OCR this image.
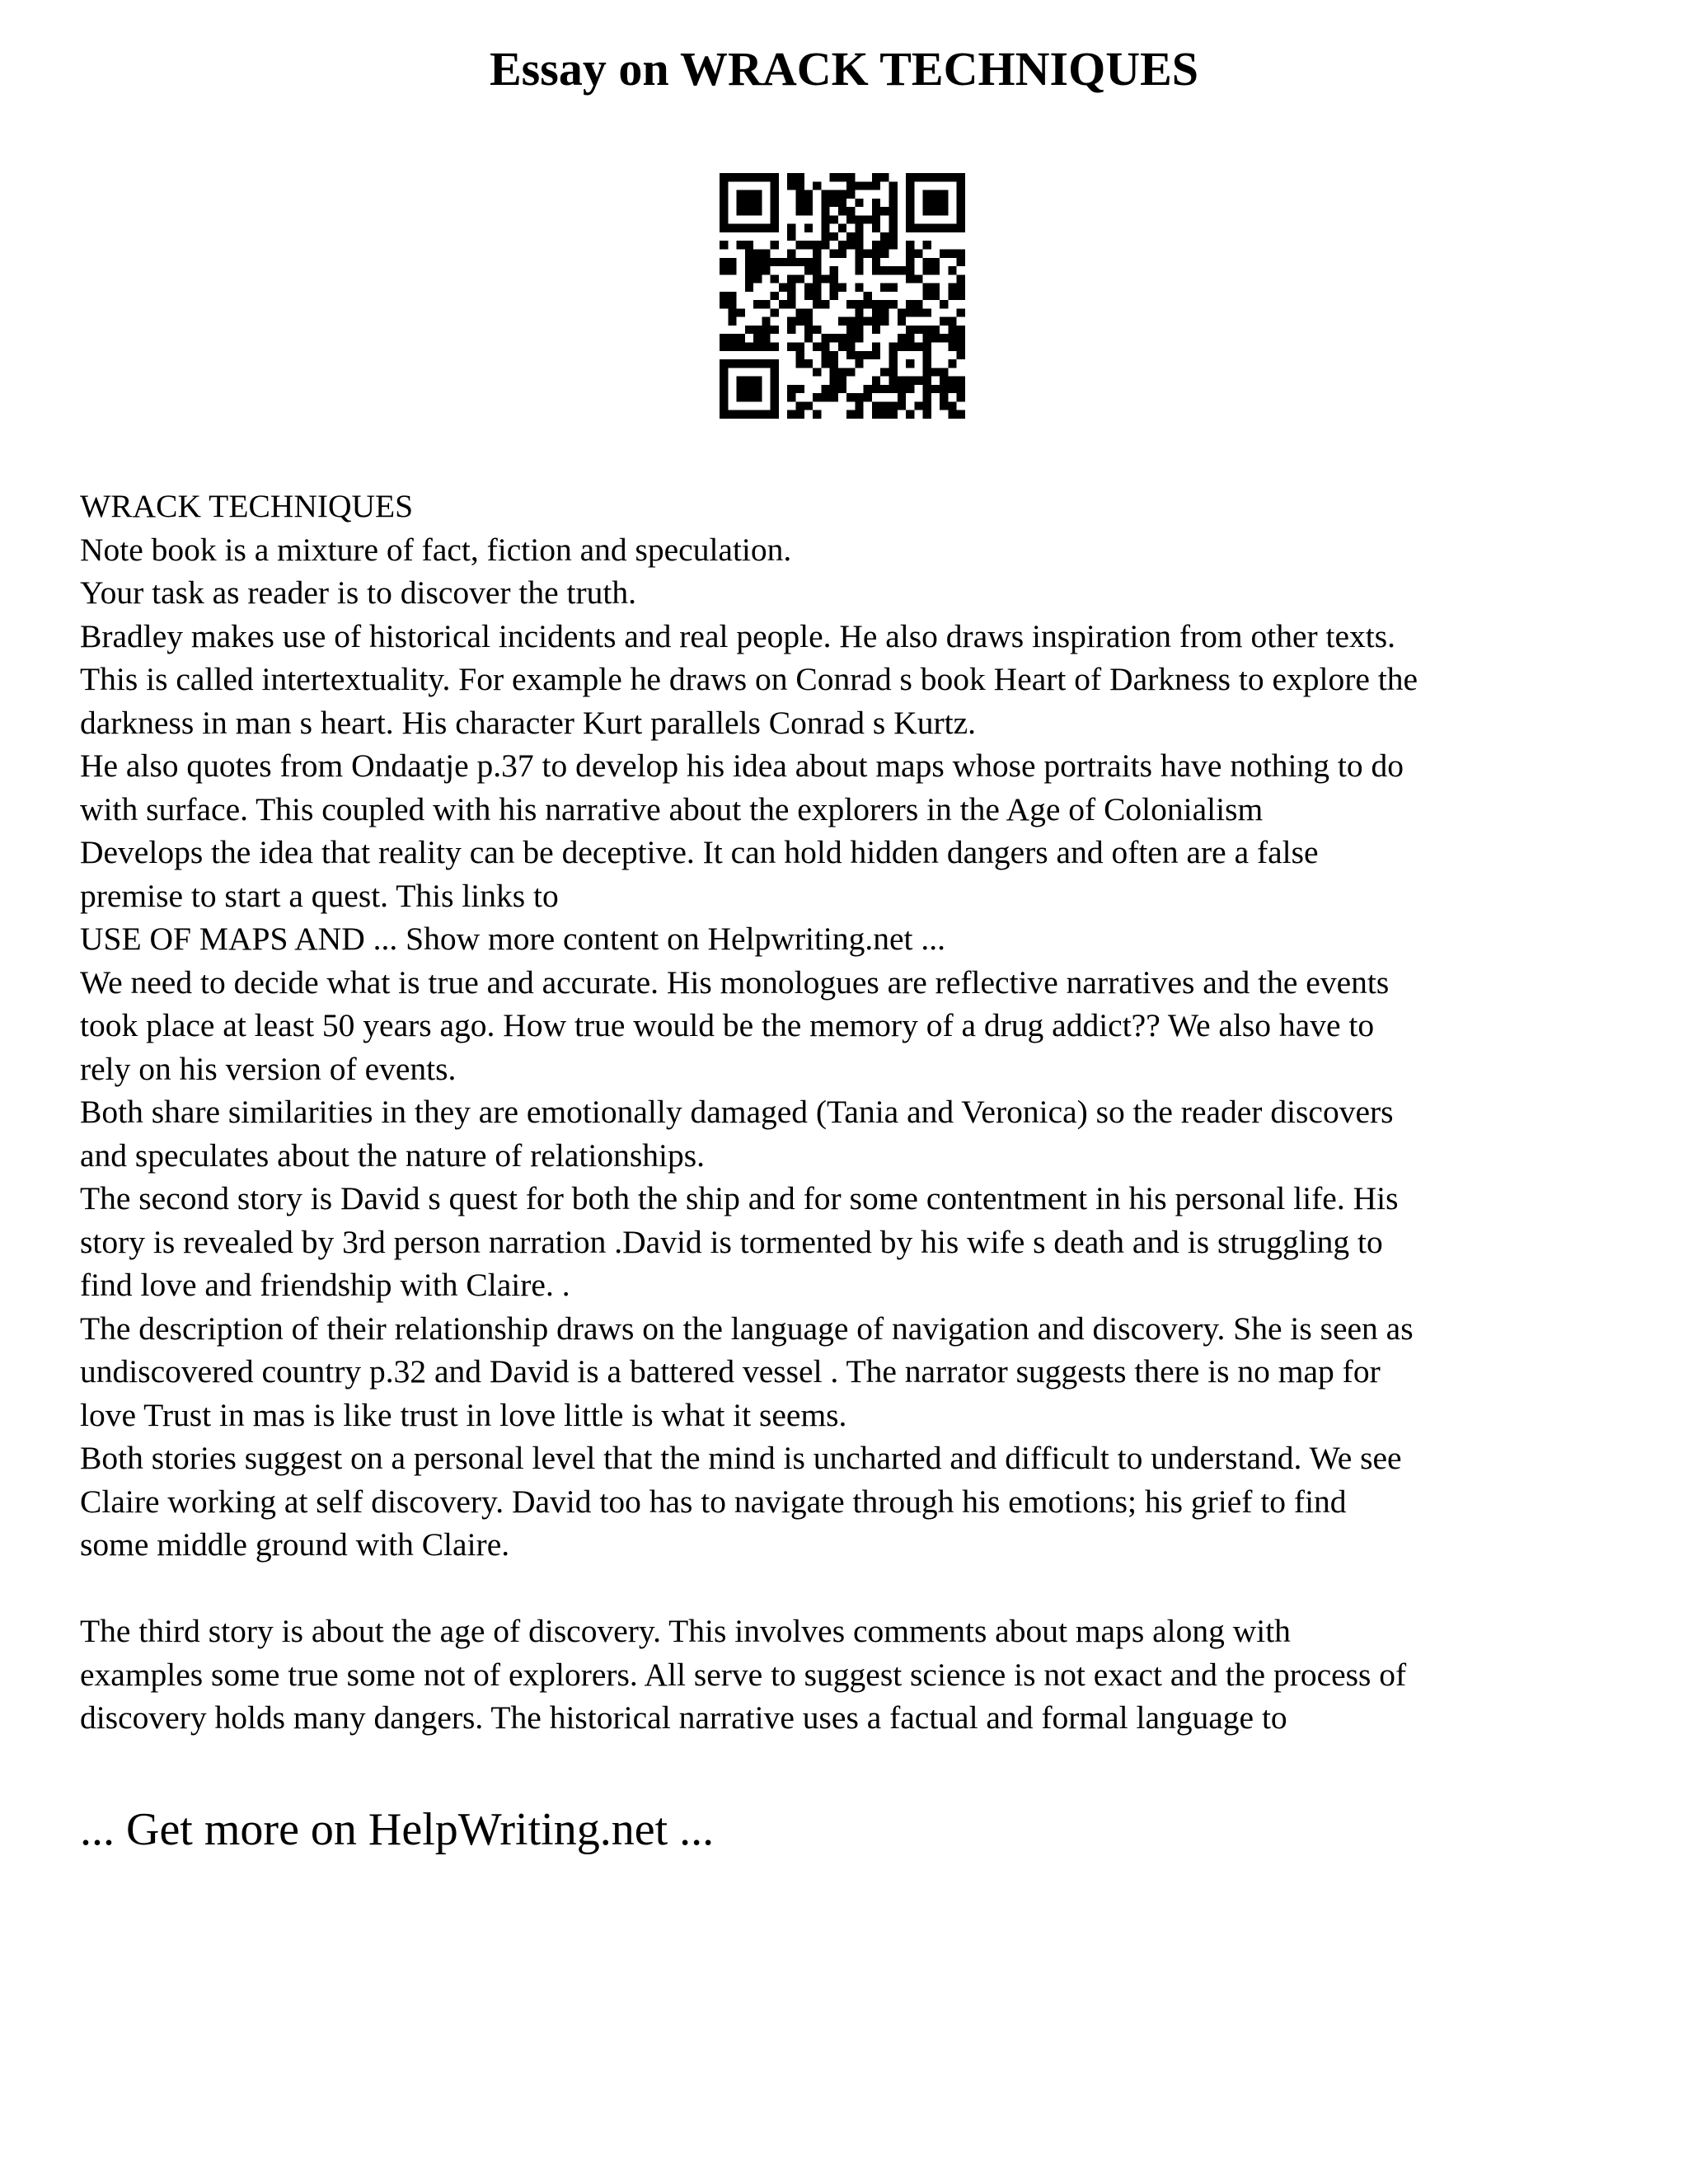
Essay on WRACK TECHNIQUES
WRACK TECHNIQUES
Note book is a mixture of fact, fiction and speculation.
Your task as reader is to discover the truth.
Bradley makes use of historical incidents and real people. He also draws inspiration from other texts.
This is called intertextuality. For example he draws on Conrad s book Heart of Darkness to explore the
darkness in man s heart. His character Kurt parallels Conrad s Kurtz.
He also quotes from Ondaatje p.37 to develop his idea about maps whose portraits have nothing to do
with surface. This coupled with his narrative about the explorers in the Age of Colonialism
Develops the idea that reality can be deceptive. It can hold hidden dangers and often are a false
premise to start a quest. This links to
USE OF MAPS AND ... Show more content on Helpwriting.net ...
We need to decide what is true and accurate. His monologues are reflective narratives and the events
took place at least 50 years ago. How true would be the memory of a drug addict?? We also have to
rely on his version of events.
Both share similarities in they are emotionally damaged (Tania and Veronica) so the reader discovers
and speculates about the nature of relationships.
The second story is David s quest for both the ship and for some contentment in his personal life. His
story is revealed by 3rd person narration .David is tormented by his wife s death and is struggling to
find love and friendship with Claire. .
The description of their relationship draws on the language of navigation and discovery. She is seen as
undiscovered country p.32 and David is a battered vessel . The narrator suggests there is no map for
love Trust in mas is like trust in love little is what it seems.
Both stories suggest on a personal level that the mind is uncharted and difficult to understand. We see
Claire working at self discovery. David too has to navigate through his emotions; his grief to find
some middle ground with Claire.
The third story is about the age of discovery. This involves comments about maps along with
examples some true some not of explorers. All serve to suggest science is not exact and the process of
discovery holds many dangers. The historical narrative uses a factual and formal language to
... Get more on HelpWriting.net ...
